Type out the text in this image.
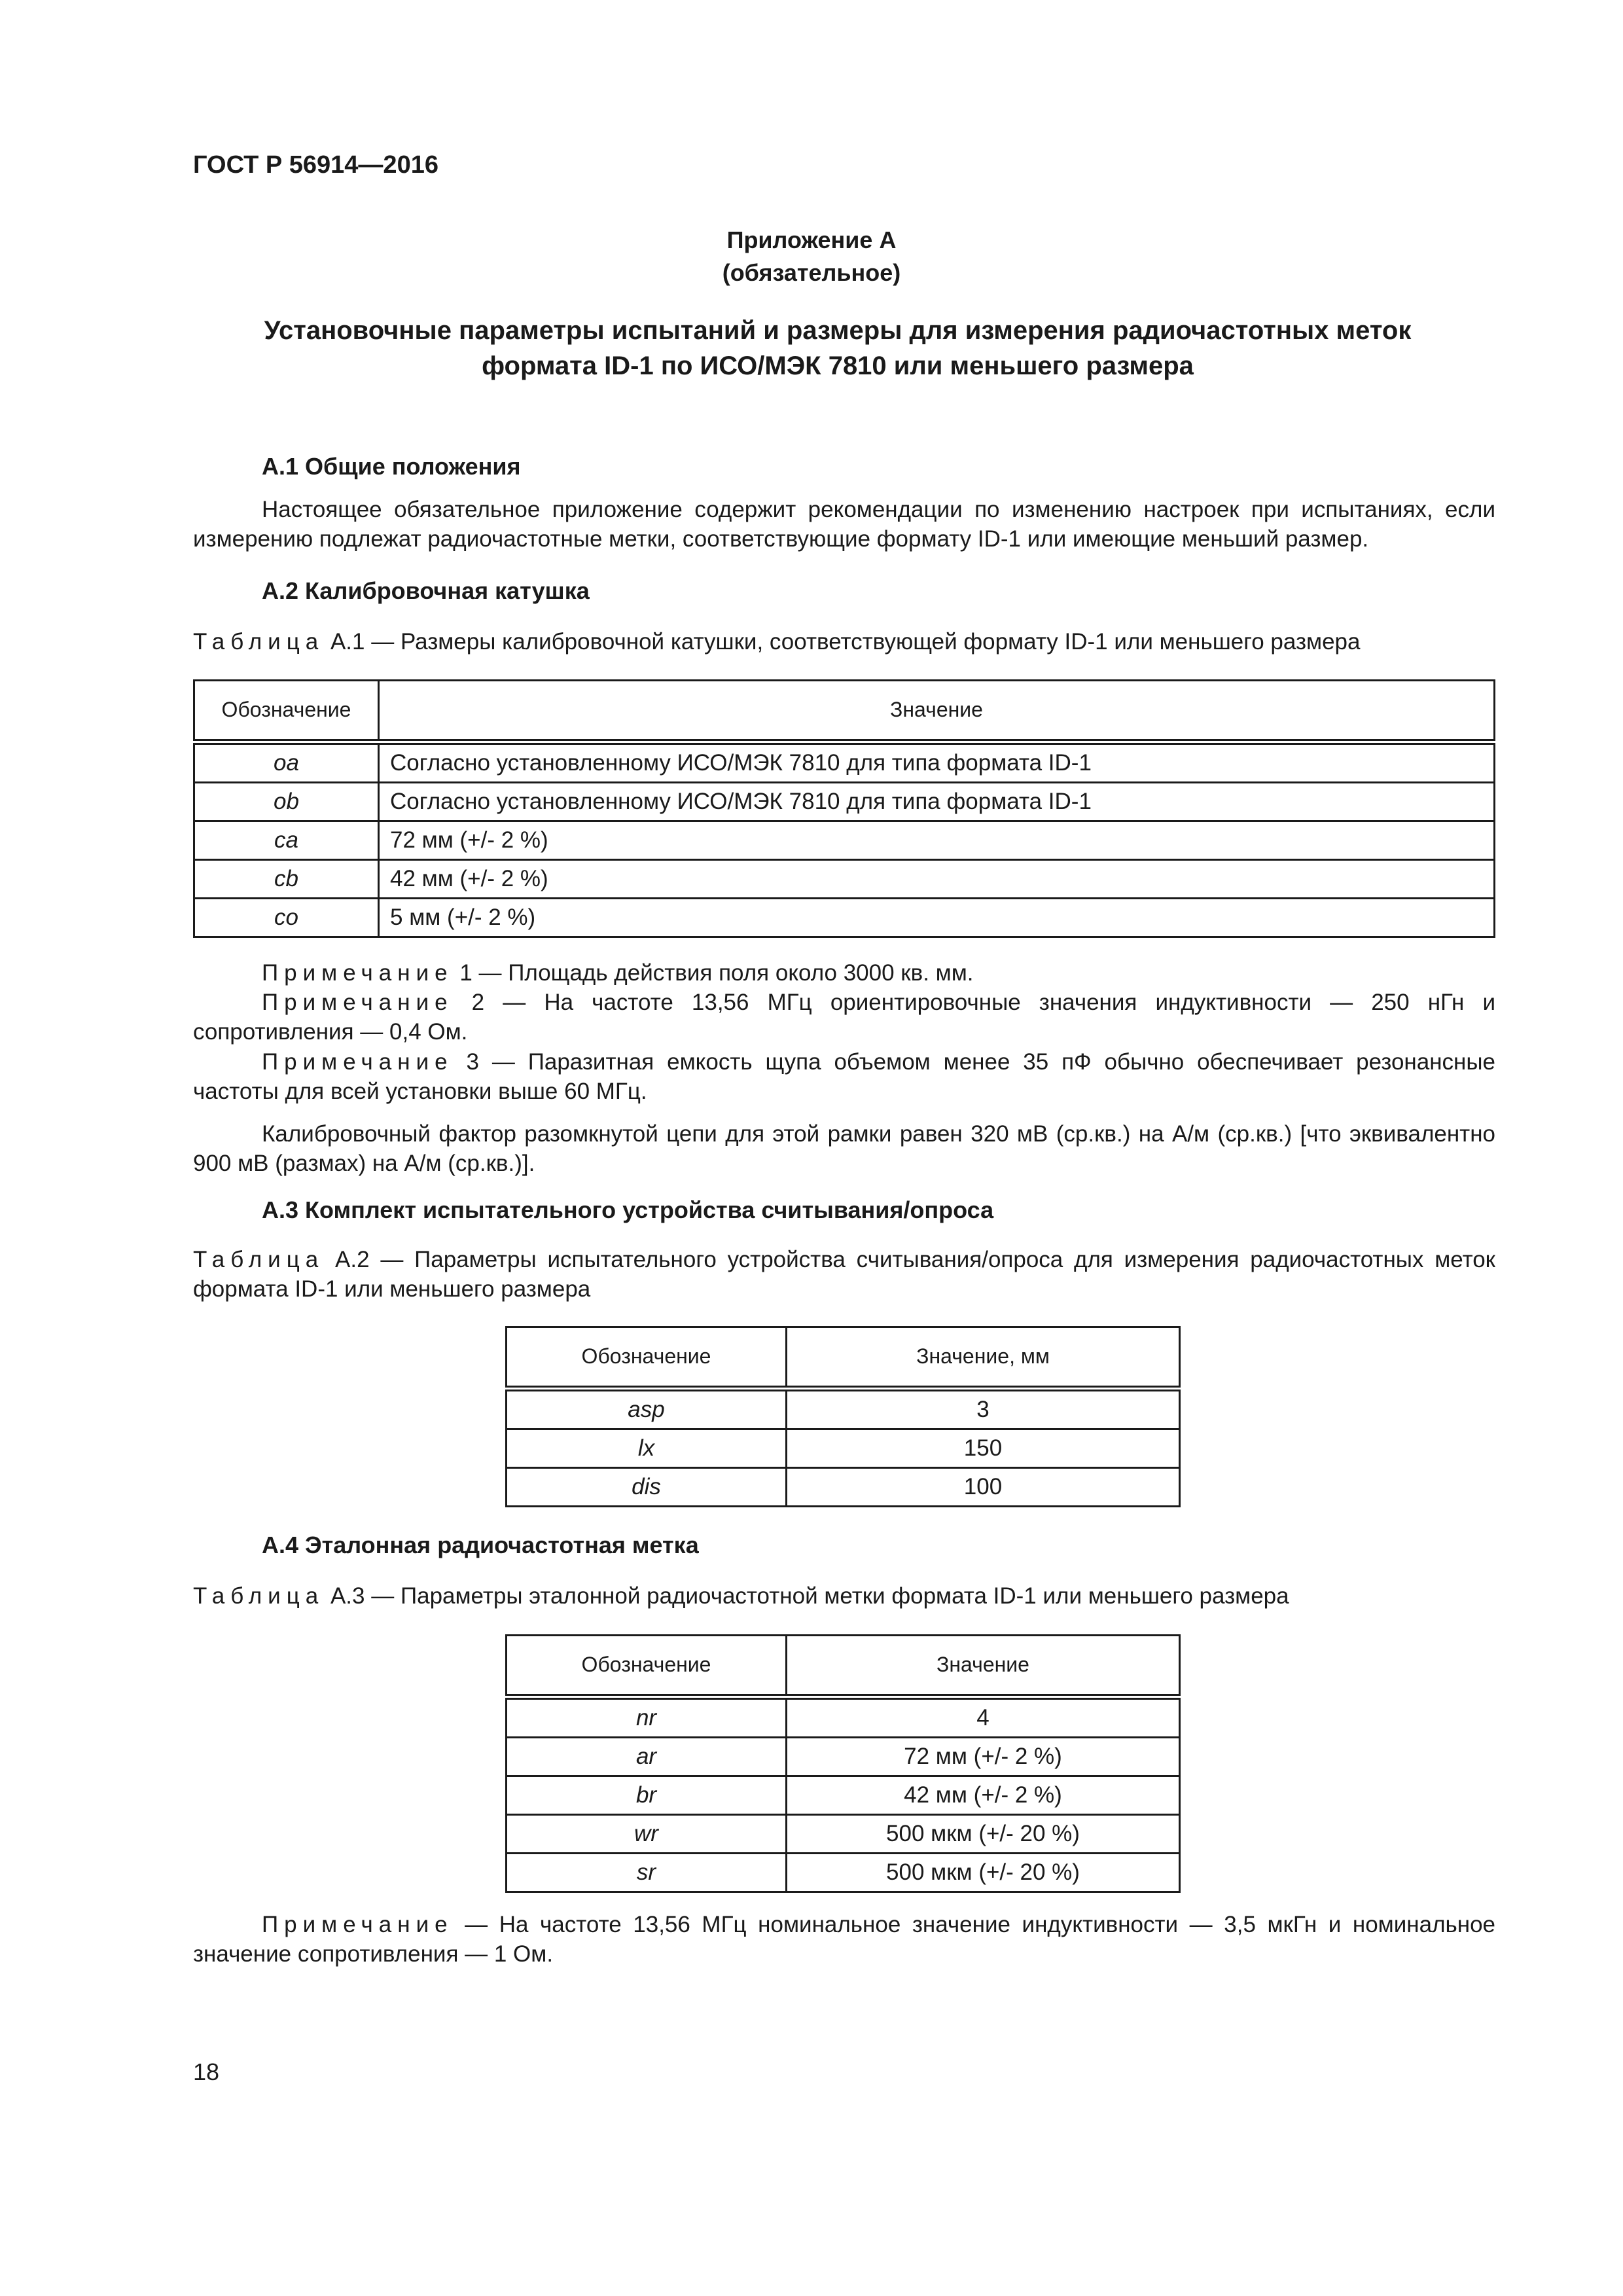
ГОСТ Р 56914—2016
Приложение А
(обязательное)
Установочные параметры испытаний и размеры для измерения радиочастотных меток
формата ID-1 по ИСО/МЭК 7810 или меньшего размера
А.1 Общие положения
Настоящее обязательное приложение содержит рекомендации по изменению настроек при испытаниях, если измерению подлежат радиочастотные метки, соответствующие формату ID-1 или имеющие меньший размер.
А.2 Калибровочная катушка
Таблица А.1 — Размеры калибровочной катушки, соответствующей формату ID-1 или меньшего размера
Обозначение	Значение
oa	Согласно установленному ИСО/МЭК 7810 для типа формата ID-1
ob	Согласно установленному ИСО/МЭК 7810 для типа формата ID-1
ca	72 мм (+/- 2 %)
cb	42 мм (+/- 2 %)
co	5 мм (+/- 2 %)
Примечание 1 — Площадь действия поля около 3000 кв. мм.
Примечание 2 — На частоте 13,56 МГц ориентировочные значения индуктивности — 250 нГн и сопротивления — 0,4 Ом.
Примечание 3 — Паразитная емкость щупа объемом менее 35 пФ обычно обеспечивает резонансные частоты для всей установки выше 60 МГц.
Калибровочный фактор разомкнутой цепи для этой рамки равен 320 мВ (ср.кв.) на А/м (ср.кв.) [что эквивалентно 900 мВ (размах) на А/м (ср.кв.)].
А.3 Комплект испытательного устройства считывания/опроса
Таблица А.2 — Параметры испытательного устройства считывания/опроса для измерения радиочастотных меток формата ID-1 или меньшего размера
Обозначение	Значение, мм
asp	3
lx	150
dis	100
А.4 Эталонная радиочастотная метка
Таблица А.3 — Параметры эталонной радиочастотной метки формата ID-1 или меньшего размера
Обозначение	Значение
nr	4
ar	72 мм (+/- 2 %)
br	42 мм (+/- 2 %)
wr	500 мкм (+/- 20 %)
sr	500 мкм (+/- 20 %)
Примечание — На частоте 13,56 МГц номинальное значение индуктивности — 3,5 мкГн и номинальное значение сопротивления — 1 Ом.
18
